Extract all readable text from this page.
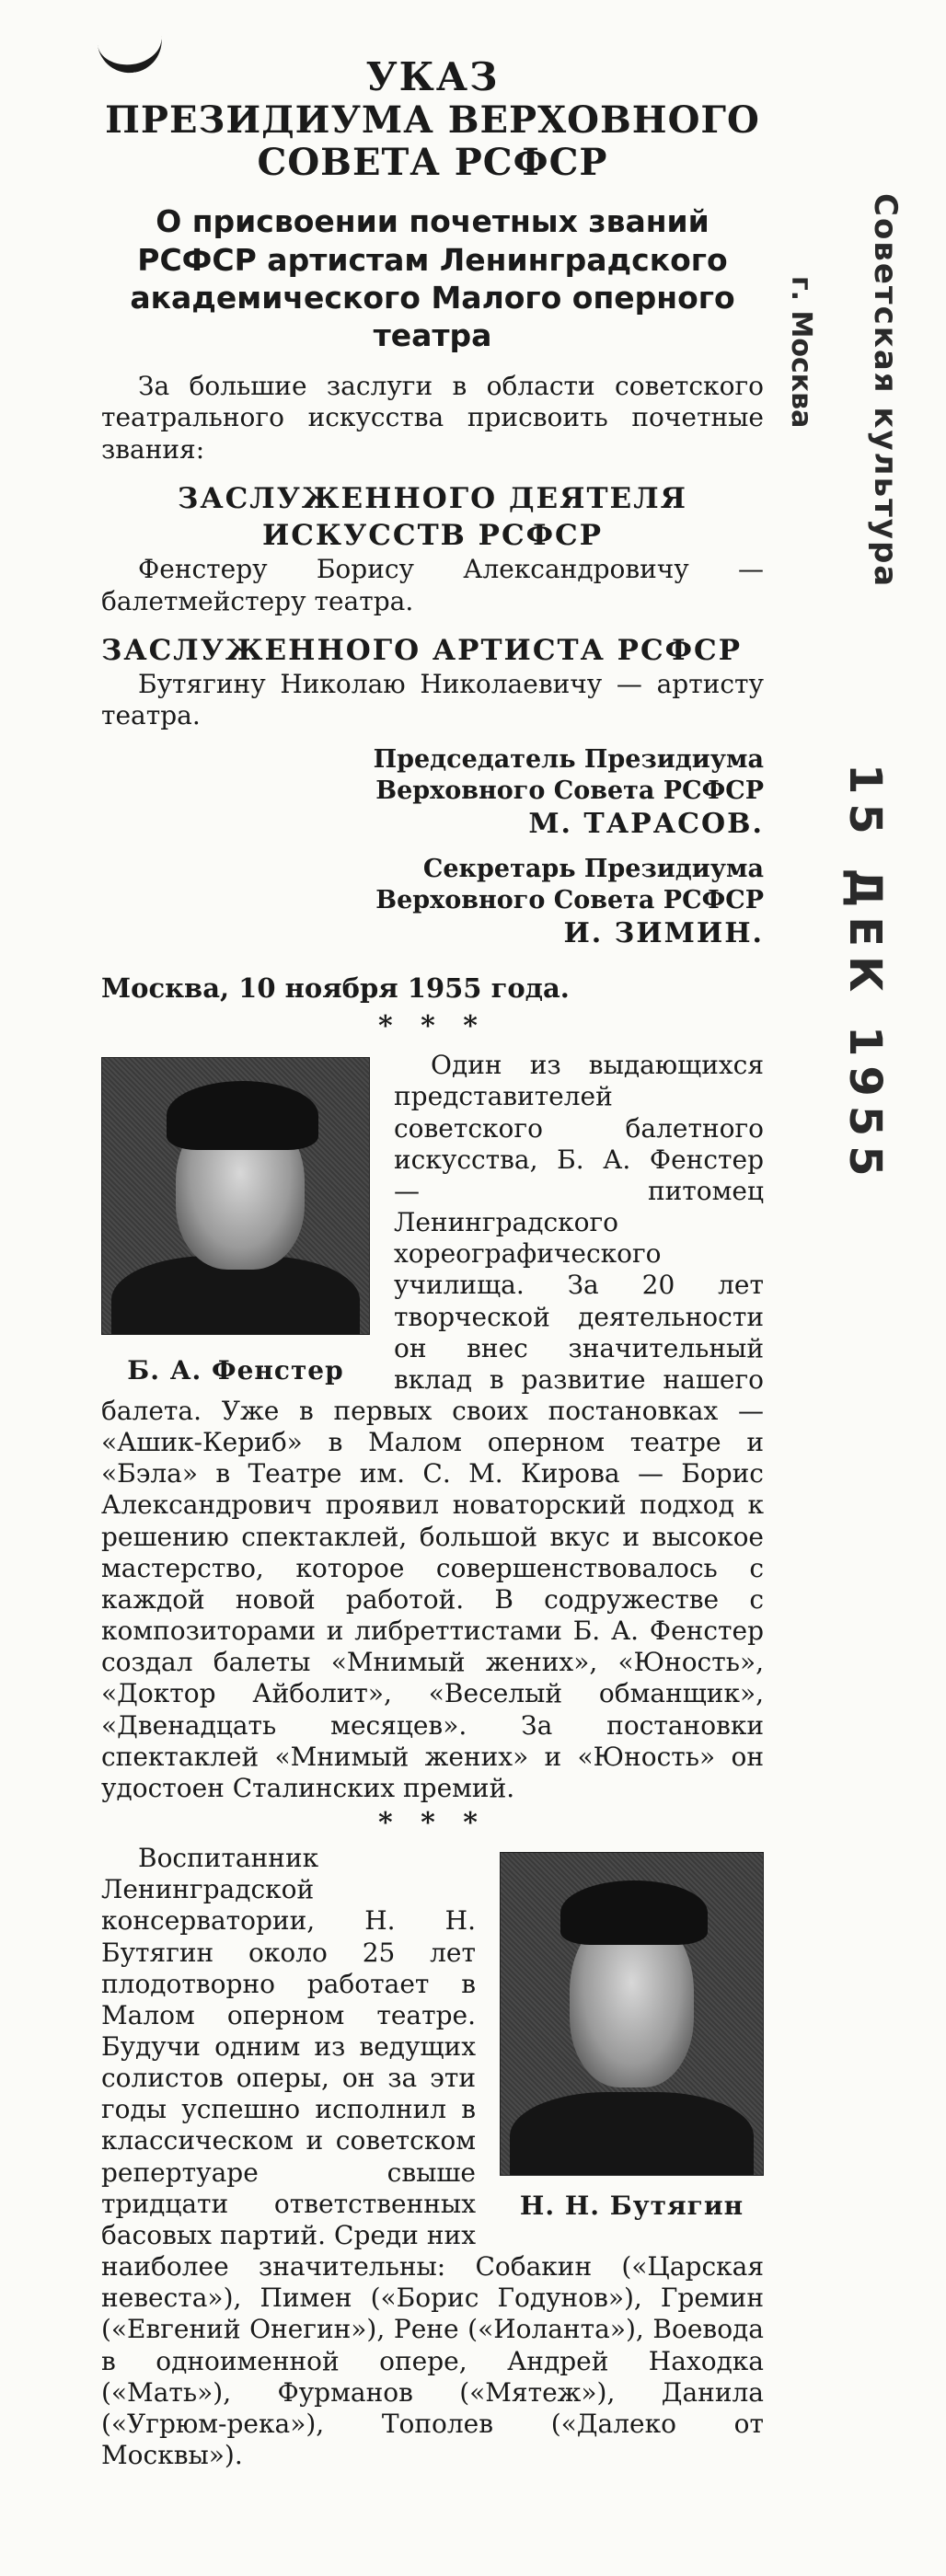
УКАЗ
ПРЕЗИДИУМА ВЕРХОВНОГО
СОВЕТА РСФСР
О присвоении почетных званий РСФСР артистам Ленинградского академического Малого оперного театра

За большие заслуги в области советского театрального искусства присвоить почетные звания:

ЗАСЛУЖЕННОГО ДЕЯТЕЛЯ
ИСКУССТВ РСФСР

Фенстеру Борису Александровичу — балетмейстеру театра.

ЗАСЛУЖЕННОГО АРТИСТА РСФСР

Бутягину Николаю Николаевичу — артисту театра.

Председатель Президиума
Верховного Совета РСФСР
М. ТАРАСОВ.
Секретарь Президиума
Верховного Совета РСФСР
И. ЗИМИН.
Москва, 10 ноября 1955 года.
* * *
Б. А. Фенстер

Один из выдающихся представителей советского балетного искусства, Б. А. Фенстер — питомец Ленинградского хореографического училища. За 20 лет творческой деятельности он внес значительный вклад в развитие нашего балета. Уже в первых своих постановках — «Ашик-Кериб» в Малом оперном театре и «Бэла» в Театре им. С. М. Кирова — Борис Александрович проявил новаторский подход к решению спектаклей, большой вкус и высокое мастерство, которое совершенствовалось с каждой новой работой. В содружестве с композиторами и либреттистами Б. А. Фенстер создал балеты «Мнимый жених», «Юность», «Доктор Айболит», «Веселый обманщик», «Двенадцать месяцев». За постановки спектаклей «Мнимый жених» и «Юность» он удостоен Сталинских премий.

* * *
Н. Н. Бутягин

Воспитанник Ленинградской консерватории, Н. Н. Бутягин около 25 лет плодотворно работает в Малом оперном театре. Будучи одним из ведущих солистов оперы, он за эти годы успешно исполнил в классическом и советском репертуаре свыше тридцати ответственных басовых партий. Среди них наиболее значительны: Собакин («Царская невеста»), Пимен («Борис Годунов»), Гремин («Евгений Онегин»), Рене («Иоланта»), Воевода в одноименной опере, Андрей Находка («Мать»), Фурманов («Мятеж»), Данила («Угрюм-река»), Тополев («Далеко от Москвы»).

Советская культура
г. Москва
15 ДЕК 1955
